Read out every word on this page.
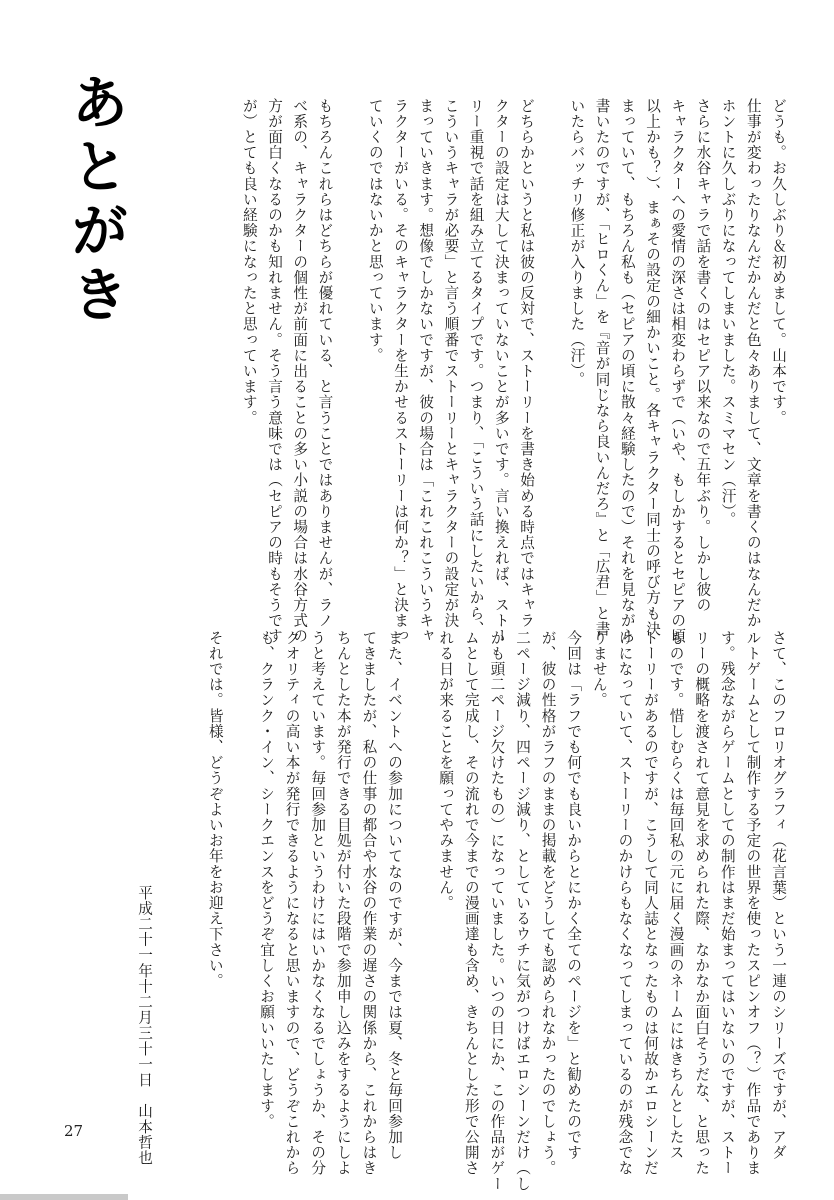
あとがき	どうも。お久しぶり＆初めまして。山本です。

仕事が変わったりなんだかんだと色々ありまして、文章を書くのはなんだか

ホントに久しぶりになってしまいました。スミマセン（汗）。

さらに水谷キャラで話を書くのはセピア以来なので五年ぶり。しかし彼の

キャラクターへの愛情の深さは相変わらずで（いや、もしかするとセピアの頃

以上かも？）、まぁその設定の細かいこと。各キャラクター同士の呼び方も決

まっていて、もちろん私も（セピアの頃に散々経験したので）それを見ながら

書いたのですが、「ヒロくん」を『音が同じなら良いんだろ』と「広君」と書

いたらバッチリ修正が入りました（汗）。

どちらかというと私は彼の反対で、ストーリーを書き始める時点ではキャラ

クターの設定は大して決まっていないことが多いです。言い換えれば、ストー

リー重視で話を組み立てるタイプです。つまり、「こういう話にしたいから、

こういうキャラが必要」と言う順番でストーリーとキャラクターの設定が決

まっていきます。想像でしかないですが、彼の場合は「これこれこういうキャ

ラクターがいる。そのキャラクターを生かせるストーリーは何か？」と決まっ

ていくのではないかと思っています。

もちろんこれらはどちらが優れている、と言うことではありませんが、ラノ

べ系の、キャラクターの個性が前面に出ることの多い小説の場合は水谷方式の

方が面白くなるのかも知れません。そう言う意味では（セピアの時もそうです

が）とても良い経験になったと思っています。

さて、このフロリオグラフィ（花言葉）という一連のシリーズですが、アダ

ルトゲームとして制作する予定の世界を使ったスピンオフ（？）作品でありま

す。残念ながらゲームとしての制作はまだ始まってはいないのですが、ストー

リーの概略を渡されて意見を求められた際、なかなか面白そうだな、と思った

ものです。惜しむらくは毎回私の元に届く漫画のネームにはきちんとしたス

トーリーがあるのですが、こうして同人誌となったものは何故かエロシーンだ

けになっていて、ストーリーのかけらもなくなってしまっているのが残念でな

りません。

今回は「ラフでも何でも良いからとにかく全てのページを」と勧めたのです

が、彼の性格がラフのままの掲載をどうしても認められなかったのでしょう。

二ページ減り、四ページ減り、としているウチに気がつけばエロシーンだけ（し

かも頭二ページ欠けたもの）になっていました。いつの日にか、この作品がゲー

ムとして完成し、その流れで今までの漫画達も含め、きちんとした形で公開さ

れる日が来ることを願ってやみません。

また、イベントへの参加についてなのですが、今までは夏、冬と毎回参加し

てきましたが、私の仕事の都合や水谷の作業の遅さの関係から、これからはき

ちんとした本が発行できる目処が付いた段階で参加申し込みをするようにしよ

うと考えています。毎回参加というわけにはいかなくなるでしょうか、その分

クオリティの高い本が発行できるようになると思いますので、どうぞこれから

も、クランク・イン、シークエンスをどうぞ宜しくお願いいたします。

それでは。皆様、どうぞよいお年をお迎え下さい。

平成二十一年十二月三十一日　山本哲也

27
